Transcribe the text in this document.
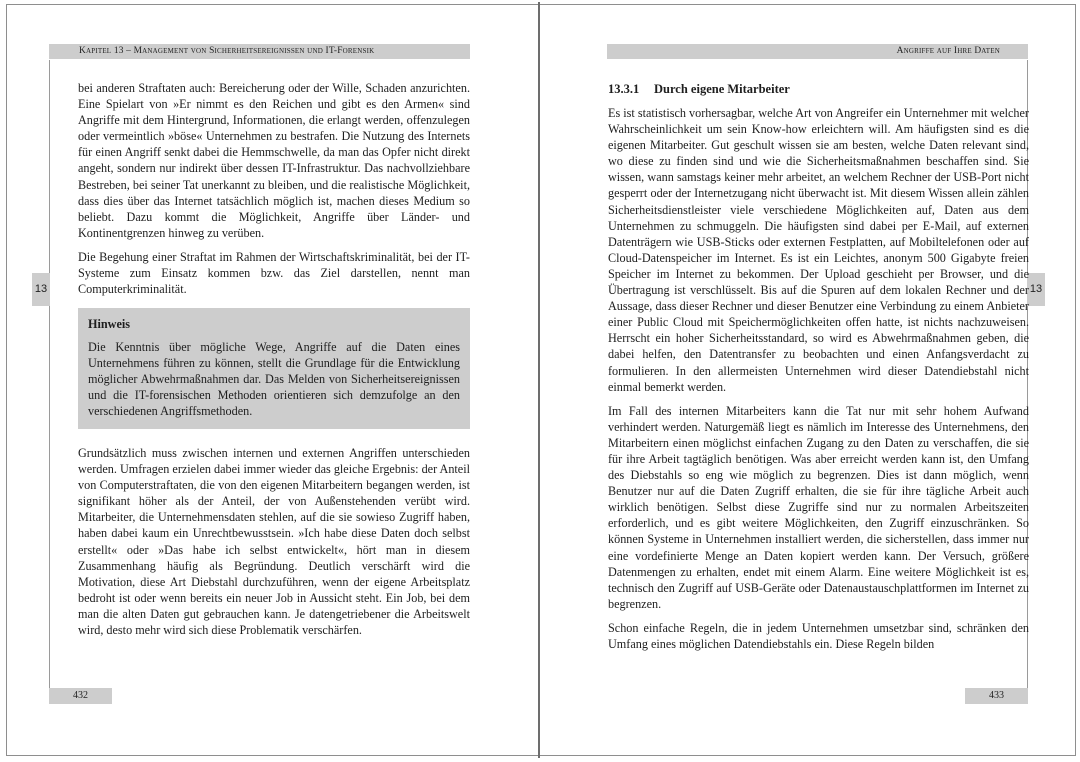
Kapitel 13 – Management von Sicherheitsereignissen und IT-Forensik
13

bei anderen Straftaten auch: Bereicherung oder der Wille, Schaden anzurichten. Eine Spielart von »Er nimmt es den Reichen und gibt es den Armen« sind Angriffe mit dem Hintergrund, Informationen, die erlangt werden, offenzulegen oder vermeintlich »böse« Unternehmen zu bestrafen. Die Nutzung des Internets für einen Angriff senkt dabei die Hemmschwelle, da man das Opfer nicht direkt angeht, sondern nur indirekt über dessen IT-Infrastruktur. Das nachvollziehbare Bestreben, bei seiner Tat unerkannt zu bleiben, und die realistische Möglichkeit, dass dies über das Internet tatsächlich möglich ist, machen dieses Medium so beliebt. Dazu kommt die Möglichkeit, Angriffe über Länder- und Kontinentgrenzen hinweg zu verüben.

Die Begehung einer Straftat im Rahmen der Wirtschaftskriminalität, bei der IT-Systeme zum Einsatz kommen bzw. das Ziel darstellen, nennt man Computerkriminalität.

Hinweis

Die Kenntnis über mögliche Wege, Angriffe auf die Daten eines Unternehmens führen zu können, stellt die Grundlage für die Entwicklung möglicher Abwehrmaßnahmen dar. Das Melden von Sicherheitsereignissen und die IT-forensischen Methoden orientieren sich demzufolge an den verschiedenen Angriffsmethoden.

Grundsätzlich muss zwischen internen und externen Angriffen unterschieden werden. Umfragen erzielen dabei immer wieder das gleiche Ergebnis: der Anteil von Computerstraftaten, die von den eigenen Mitarbeitern begangen werden, ist signifikant höher als der Anteil, der von Außenstehenden verübt wird. Mitarbeiter, die Unternehmensdaten stehlen, auf die sie sowieso Zugriff haben, haben dabei kaum ein Unrechtbewusstsein. »Ich habe diese Daten doch selbst erstellt« oder »Das habe ich selbst entwickelt«, hört man in diesem Zusammenhang häufig als Begründung. Deutlich verschärft wird die Motivation, diese Art Diebstahl durchzuführen, wenn der eigene Arbeitsplatz bedroht ist oder wenn bereits ein neuer Job in Aussicht steht. Ein Job, bei dem man die alten Daten gut gebrauchen kann. Je datengetriebener die Arbeitswelt wird, desto mehr wird sich diese Problematik verschärfen.

432
Angriffe auf Ihre Daten
13
13.3.1 Durch eigene Mitarbeiter

Es ist statistisch vorhersagbar, welche Art von Angreifer ein Unternehmer mit welcher Wahrscheinlichkeit um sein Know-how erleichtern will. Am häufigsten sind es die eigenen Mitarbeiter. Gut geschult wissen sie am besten, welche Daten relevant sind, wo diese zu finden sind und wie die Sicherheitsmaßnahmen beschaffen sind. Sie wissen, wann samstags keiner mehr arbeitet, an welchem Rechner der USB-Port nicht gesperrt oder der Internetzugang nicht überwacht ist. Mit diesem Wissen allein zählen Sicherheitsdienstleister viele verschiedene Möglichkeiten auf, Daten aus dem Unternehmen zu schmuggeln. Die häufigsten sind dabei per E-Mail, auf externen Datenträgern wie USB-Sticks oder externen Festplatten, auf Mobiltelefonen oder auf Cloud-Datenspeicher im Internet. Es ist ein Leichtes, anonym 500 Gigabyte freien Speicher im Internet zu bekommen. Der Upload geschieht per Browser, und die Übertragung ist verschlüsselt. Bis auf die Spuren auf dem lokalen Rechner und der Aussage, dass dieser Rechner und dieser Benutzer eine Verbindung zu einem Anbieter einer Public Cloud mit Speichermöglichkeiten offen hatte, ist nichts nachzuweisen. Herrscht ein hoher Sicherheitsstandard, so wird es Abwehrmaßnahmen geben, die dabei helfen, den Datentransfer zu beobachten und einen Anfangsverdacht zu formulieren. In den allermeisten Unternehmen wird dieser Datendiebstahl nicht einmal bemerkt werden.

Im Fall des internen Mitarbeiters kann die Tat nur mit sehr hohem Aufwand verhindert werden. Naturgemäß liegt es nämlich im Interesse des Unternehmens, den Mitarbeitern einen möglichst einfachen Zugang zu den Daten zu verschaffen, die sie für ihre Arbeit tagtäglich benötigen. Was aber erreicht werden kann ist, den Umfang des Diebstahls so eng wie möglich zu begrenzen. Dies ist dann möglich, wenn Benutzer nur auf die Daten Zugriff erhalten, die sie für ihre tägliche Arbeit auch wirklich benötigen. Selbst diese Zugriffe sind nur zu normalen Arbeitszeiten erforderlich, und es gibt weitere Möglichkeiten, den Zugriff einzuschränken. So können Systeme in Unternehmen installiert werden, die sicherstellen, dass immer nur eine vordefinierte Menge an Daten kopiert werden kann. Der Versuch, größere Datenmengen zu erhalten, endet mit einem Alarm. Eine weitere Möglichkeit ist es, technisch den Zugriff auf USB-Geräte oder Datenaustauschplattformen im Internet zu begrenzen.

Schon einfache Regeln, die in jedem Unternehmen umsetzbar sind, schränken den Umfang eines möglichen Datendiebstahls ein. Diese Regeln bilden

433
